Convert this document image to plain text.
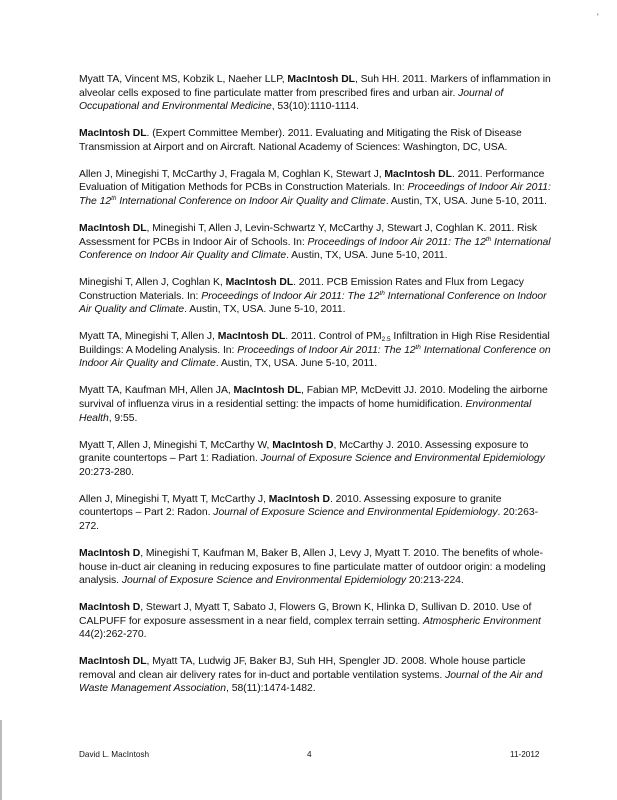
'

Myatt TA, Vincent MS, Kobzik L, Naeher LLP, MacIntosh DL, Suh HH. 2011. Markers of inflammation in alveolar cells exposed to fine particulate matter from prescribed fires and urban air. Journal of Occupational and Environmental Medicine, 53(10):1110-1114.

MacIntosh DL. (Expert Committee Member). 2011. Evaluating and Mitigating the Risk of Disease Transmission at Airport and on Aircraft. National Academy of Sciences: Washington, DC, USA.

Allen J, Minegishi T, McCarthy J, Fragala M, Coghlan K, Stewart J, MacIntosh DL. 2011. Performance Evaluation of Mitigation Methods for PCBs in Construction Materials. In: Proceedings of Indoor Air 2011: The 12th International Conference on Indoor Air Quality and Climate. Austin, TX, USA. June 5-10, 2011.

MacIntosh DL, Minegishi T, Allen J, Levin-Schwartz Y, McCarthy J, Stewart J, Coghlan K. 2011. Risk Assessment for PCBs in Indoor Air of Schools. In: Proceedings of Indoor Air 2011: The 12th International Conference on Indoor Air Quality and Climate. Austin, TX, USA. June 5-10, 2011.

Minegishi T, Allen J, Coghlan K, MacIntosh DL. 2011. PCB Emission Rates and Flux from Legacy Construction Materials. In: Proceedings of Indoor Air 2011: The 12th International Conference on Indoor Air Quality and Climate. Austin, TX, USA. June 5-10, 2011.

Myatt TA, Minegishi T, Allen J, MacIntosh DL. 2011. Control of $PM_{2.5}$ Infiltration in High Rise Residential Buildings: A Modeling Analysis. In: Proceedings of Indoor Air 2011: The 12th International Conference on Indoor Air Quality and Climate. Austin, TX, USA. June 5-10, 2011.

Myatt TA, Kaufman MH, Allen JA, MacIntosh DL, Fabian MP, McDevitt JJ. 2010. Modeling the airborne survival of influenza virus in a residential setting: the impacts of home humidification. Environmental Health, 9:55.

Myatt T, Allen J, Minegishi T, McCarthy W, MacIntosh D, McCarthy J. 2010. Assessing exposure to granite countertops – Part 1: Radiation. Journal of Exposure Science and Environmental Epidemiology 20:273-280.

Allen J, Minegishi T, Myatt T, McCarthy J, MacIntosh D. 2010. Assessing exposure to granite countertops – Part 2: Radon. Journal of Exposure Science and Environmental Epidemiology. 20:263-272.

MacIntosh D, Minegishi T, Kaufman M, Baker B, Allen J, Levy J, Myatt T. 2010. The benefits of whole-house in-duct air cleaning in reducing exposures to fine particulate matter of outdoor origin: a modeling analysis. Journal of Exposure Science and Environmental Epidemiology 20:213-224.

MacIntosh D, Stewart J, Myatt T, Sabato J, Flowers G, Brown K, Hlinka D, Sullivan D. 2010. Use of CALPUFF for exposure assessment in a near field, complex terrain setting. Atmospheric Environment 44(2):262-270.

MacIntosh DL, Myatt TA, Ludwig JF, Baker BJ, Suh HH, Spengler JD. 2008. Whole house particle removal and clean air delivery rates for in-duct and portable ventilation systems. Journal of the Air and Waste Management Association, 58(11):1474-1482.

David L. MacIntosh	4	11-2012
